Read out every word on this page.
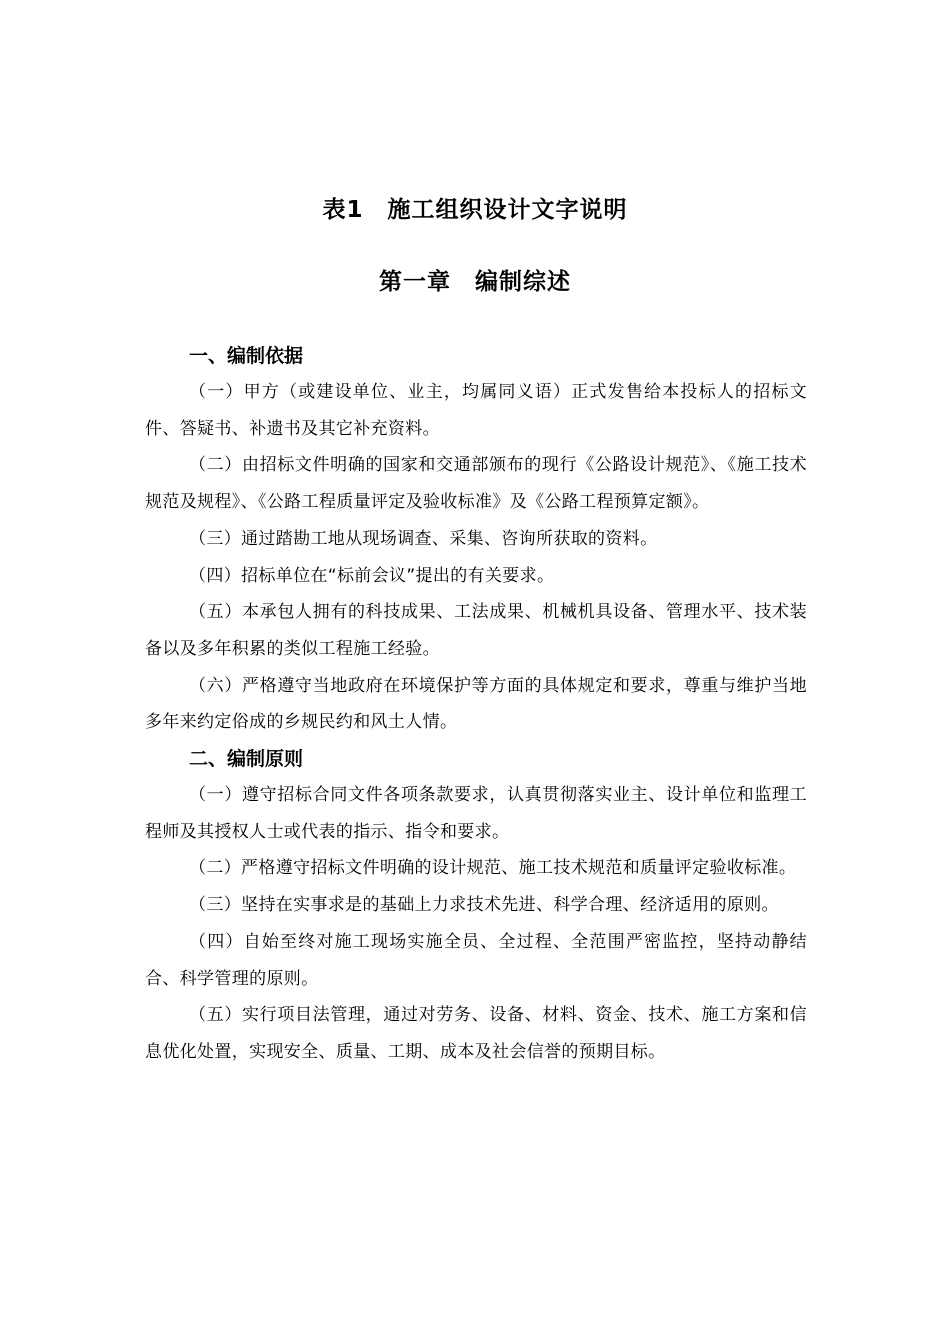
表1　施工组织设计文字说明
第一章　编制综述
一、编制依据

（一）甲方（或建设单位、业主，均属同义语）正式发售给本投标人的招标文件、答疑书、补遗书及其它补充资料。

（二）由招标文件明确的国家和交通部颁布的现行《公路设计规范》、《施工技术规范及规程》、《公路工程质量评定及验收标准》及《公路工程预算定额》。

（三）通过踏勘工地从现场调查、采集、咨询所获取的资料。

（四）招标单位在“标前会议”提出的有关要求。

（五）本承包人拥有的科技成果、工法成果、机械机具设备、管理水平、技术装备以及多年积累的类似工程施工经验。

（六）严格遵守当地政府在环境保护等方面的具体规定和要求，尊重与维护当地多年来约定俗成的乡规民约和风土人情。

二、编制原则

（一）遵守招标合同文件各项条款要求，认真贯彻落实业主、设计单位和监理工程师及其授权人士或代表的指示、指令和要求。

（二）严格遵守招标文件明确的设计规范、施工技术规范和质量评定验收标准。

（三）坚持在实事求是的基础上力求技术先进、科学合理、经济适用的原则。

（四）自始至终对施工现场实施全员、全过程、全范围严密监控，坚持动静结合、科学管理的原则。

（五）实行项目法管理，通过对劳务、设备、材料、资金、技术、施工方案和信息优化处置，实现安全、质量、工期、成本及社会信誉的预期目标。
